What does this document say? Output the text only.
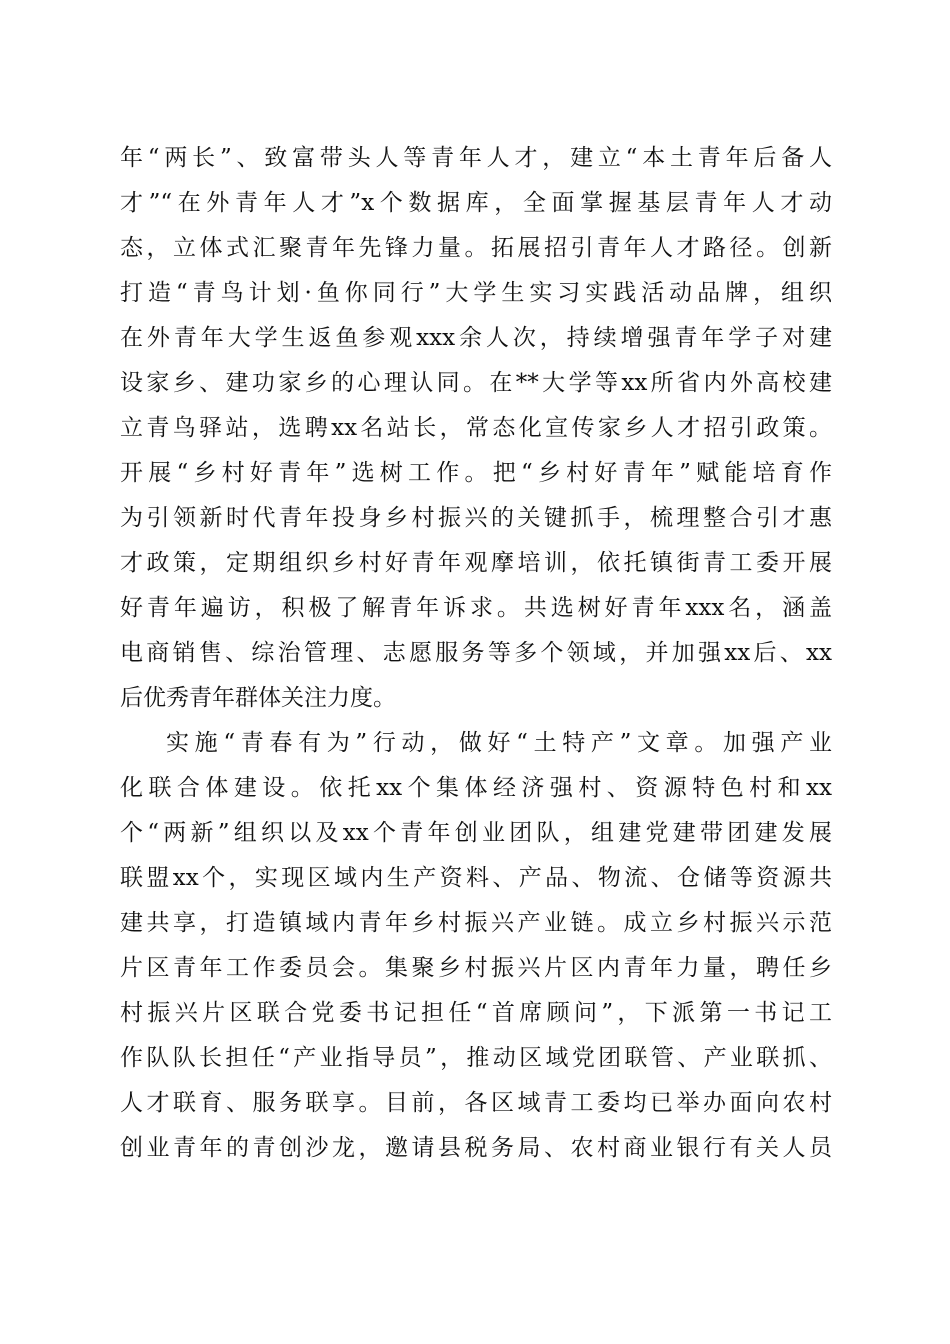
年“两长”、致富带头人等青年人才，建立“本土青年后备人
才”“在外青年人才”x个数据库，全面掌握基层青年人才动
态，立体式汇聚青年先锋力量。拓展招引青年人才路径。创新
打造“青鸟计划·鱼你同行”大学生实习实践活动品牌，组织
在外青年大学生返鱼参观xxx余人次，持续增强青年学子对建
设家乡、建功家乡的心理认同。在**大学等xx所省内外高校建
立青鸟驿站，选聘xx名站长，常态化宣传家乡人才招引政策。
开展“乡村好青年”选树工作。把“乡村好青年”赋能培育作
为引领新时代青年投身乡村振兴的关键抓手，梳理整合引才惠
才政策，定期组织乡村好青年观摩培训，依托镇街青工委开展
好青年遍访，积极了解青年诉求。共选树好青年xxx名，涵盖
电商销售、综治管理、志愿服务等多个领域，并加强xx后、xx
后优秀青年群体关注力度。
实施“青春有为”行动，做好“土特产”文章。加强产业
化联合体建设。依托xx个集体经济强村、资源特色村和xx
个“两新”组织以及xx个青年创业团队，组建党建带团建发展
联盟xx个，实现区域内生产资料、产品、物流、仓储等资源共
建共享，打造镇域内青年乡村振兴产业链。成立乡村振兴示范
片区青年工作委员会。集聚乡村振兴片区内青年力量，聘任乡
村振兴片区联合党委书记担任“首席顾问”，下派第一书记工
作队队长担任“产业指导员”，推动区域党团联管、产业联抓、
人才联育、服务联享。目前，各区域青工委均已举办面向农村
创业青年的青创沙龙，邀请县税务局、农村商业银行有关人员
